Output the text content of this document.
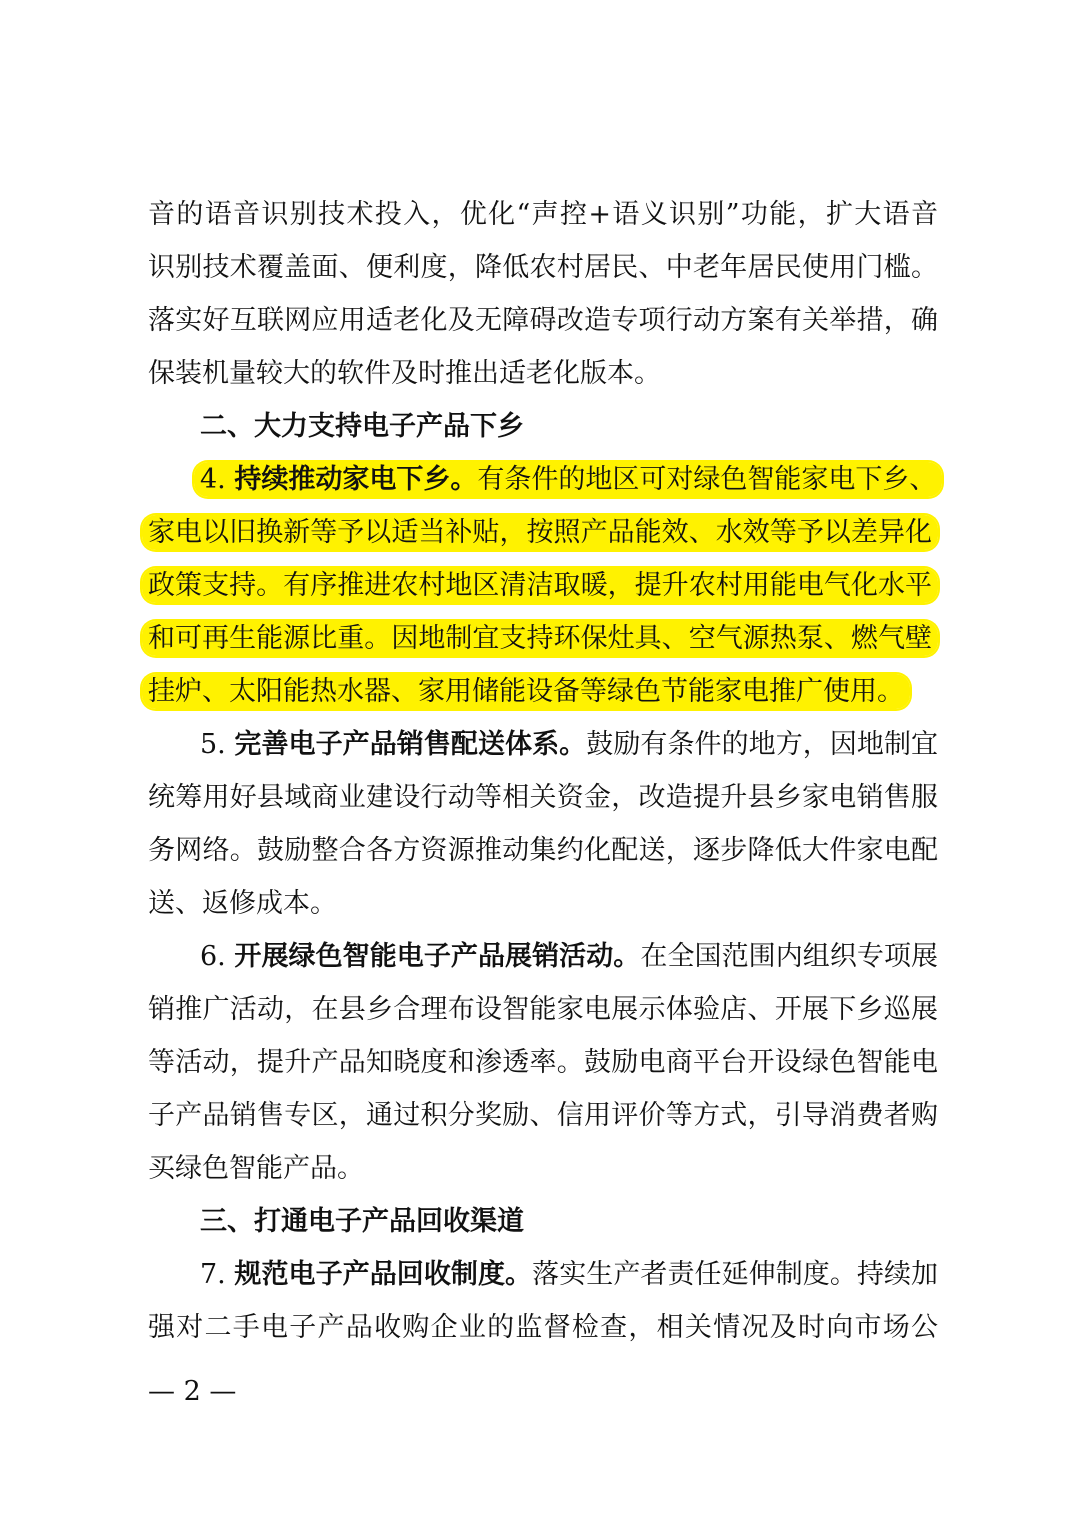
音的语音识别技术投入，优化“声控+语义识别”功能，扩大语音
识别技术覆盖面、便利度，降低农村居民、中老年居民使用门槛。
落实好互联网应用适老化及无障碍改造专项行动方案有关举措，确
保装机量较大的软件及时推出适老化版本。
二、大力支持电子产品下乡
4. 持续推动家电下乡。有条件的地区可对绿色智能家电下乡、
家电以旧换新等予以适当补贴，按照产品能效、水效等予以差异化
政策支持。有序推进农村地区清洁取暖，提升农村用能电气化水平
和可再生能源比重。因地制宜支持环保灶具、空气源热泵、燃气壁
挂炉、太阳能热水器、家用储能设备等绿色节能家电推广使用。
5. 完善电子产品销售配送体系。鼓励有条件的地方，因地制宜
统筹用好县域商业建设行动等相关资金，改造提升县乡家电销售服
务网络。鼓励整合各方资源推动集约化配送，逐步降低大件家电配
送、返修成本。
6. 开展绿色智能电子产品展销活动。在全国范围内组织专项展
销推广活动，在县乡合理布设智能家电展示体验店、开展下乡巡展
等活动，提升产品知晓度和渗透率。鼓励电商平台开设绿色智能电
子产品销售专区，通过积分奖励、信用评价等方式，引导消费者购
买绿色智能产品。
三、打通电子产品回收渠道
7. 规范电子产品回收制度。落实生产者责任延伸制度。持续加
强对二手电子产品收购企业的监督检查，相关情况及时向市场公
— 2 —
